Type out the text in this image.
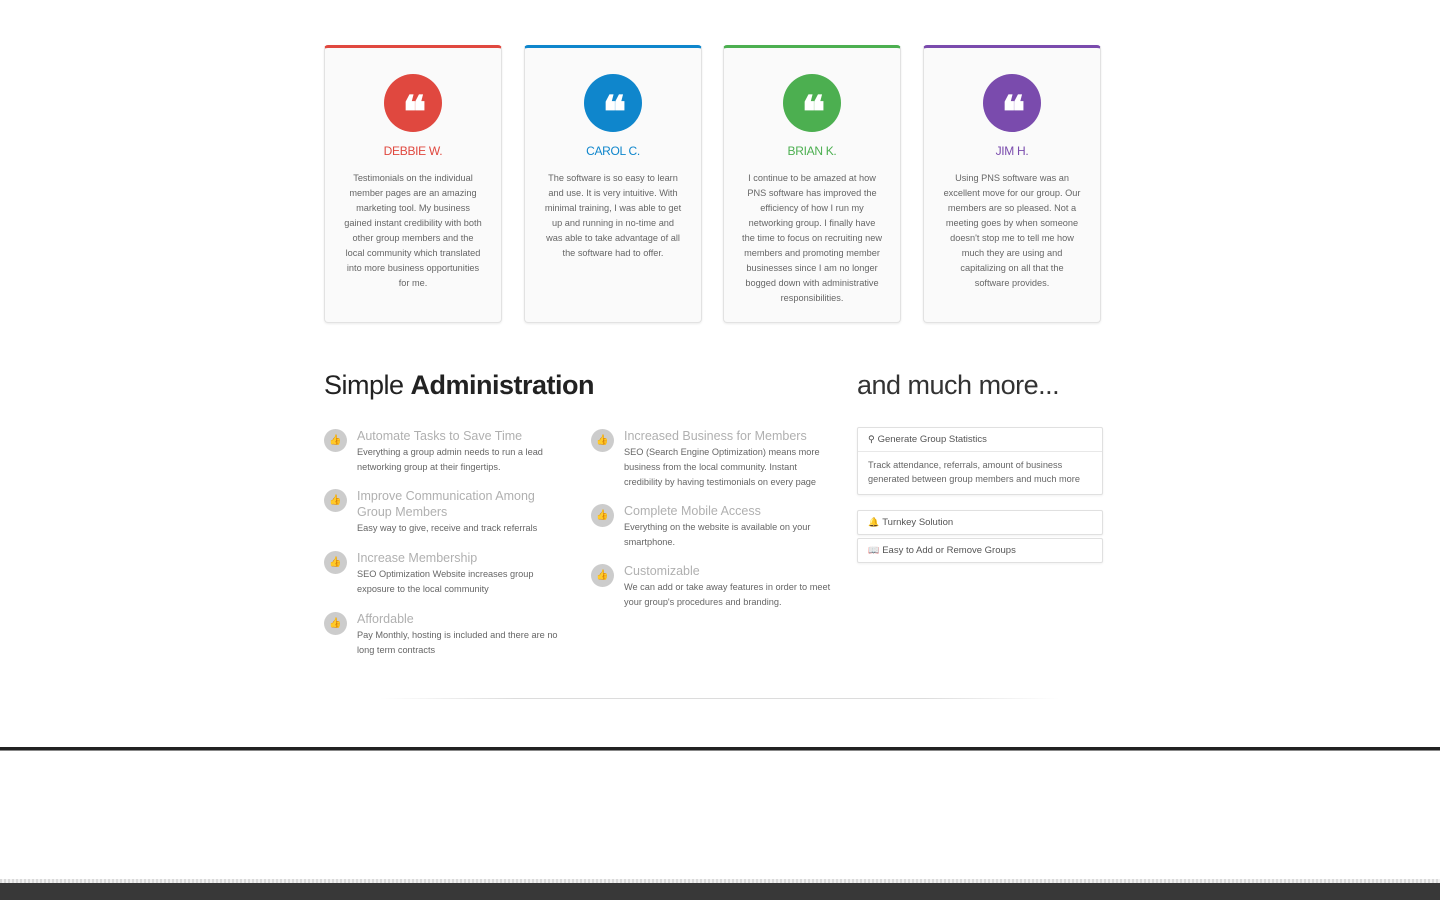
❝
DEBBIE W.
Testimonials on the individual member pages are an amazing marketing tool. My business gained instant credibility with both other group members and the local community which translated into more business opportunities for me.
❝
CAROL C.
The software is so easy to learn and use. It is very intuitive. With minimal training, I was able to get up and running in no-time and was able to take advantage of all the software had to offer.
❝
BRIAN K.
I continue to be amazed at how PNS software has improved the efficiency of how I run my networking group. I finally have the time to focus on recruiting new members and promoting member businesses since I am no longer bogged down with administrative responsibilities.
❝
JIM H.
Using PNS software was an excellent move for our group. Our members are so pleased. Not a meeting goes by when someone doesn't stop me to tell me how much they are using and capitalizing on all that the software provides.
Simple Administration
👍	Automate Tasks to Save Time
Everything a group admin needs to run a lead networking group at their fingertips.
👍	Improve Communication Among Group Members
Easy way to give, receive and track referrals
👍	Increase Membership
SEO Optimization Website increases group exposure to the local community
👍	Affordable
Pay Monthly, hosting is included and there are no long term contracts
👍	Increased Business for Members
SEO (Search Engine Optimization) means more business from the local community. Instant credibility by having testimonials on every page
👍	Complete Mobile Access
Everything on the website is available on your smartphone.
👍	Customizable
We can add or take away features in order to meet your group's procedures and branding.
and much more...
⚲ Generate Group Statistics
Track attendance, referrals, amount of business generated between group members and much more
🔔 Turnkey Solution
📖 Easy to Add or Remove Groups
